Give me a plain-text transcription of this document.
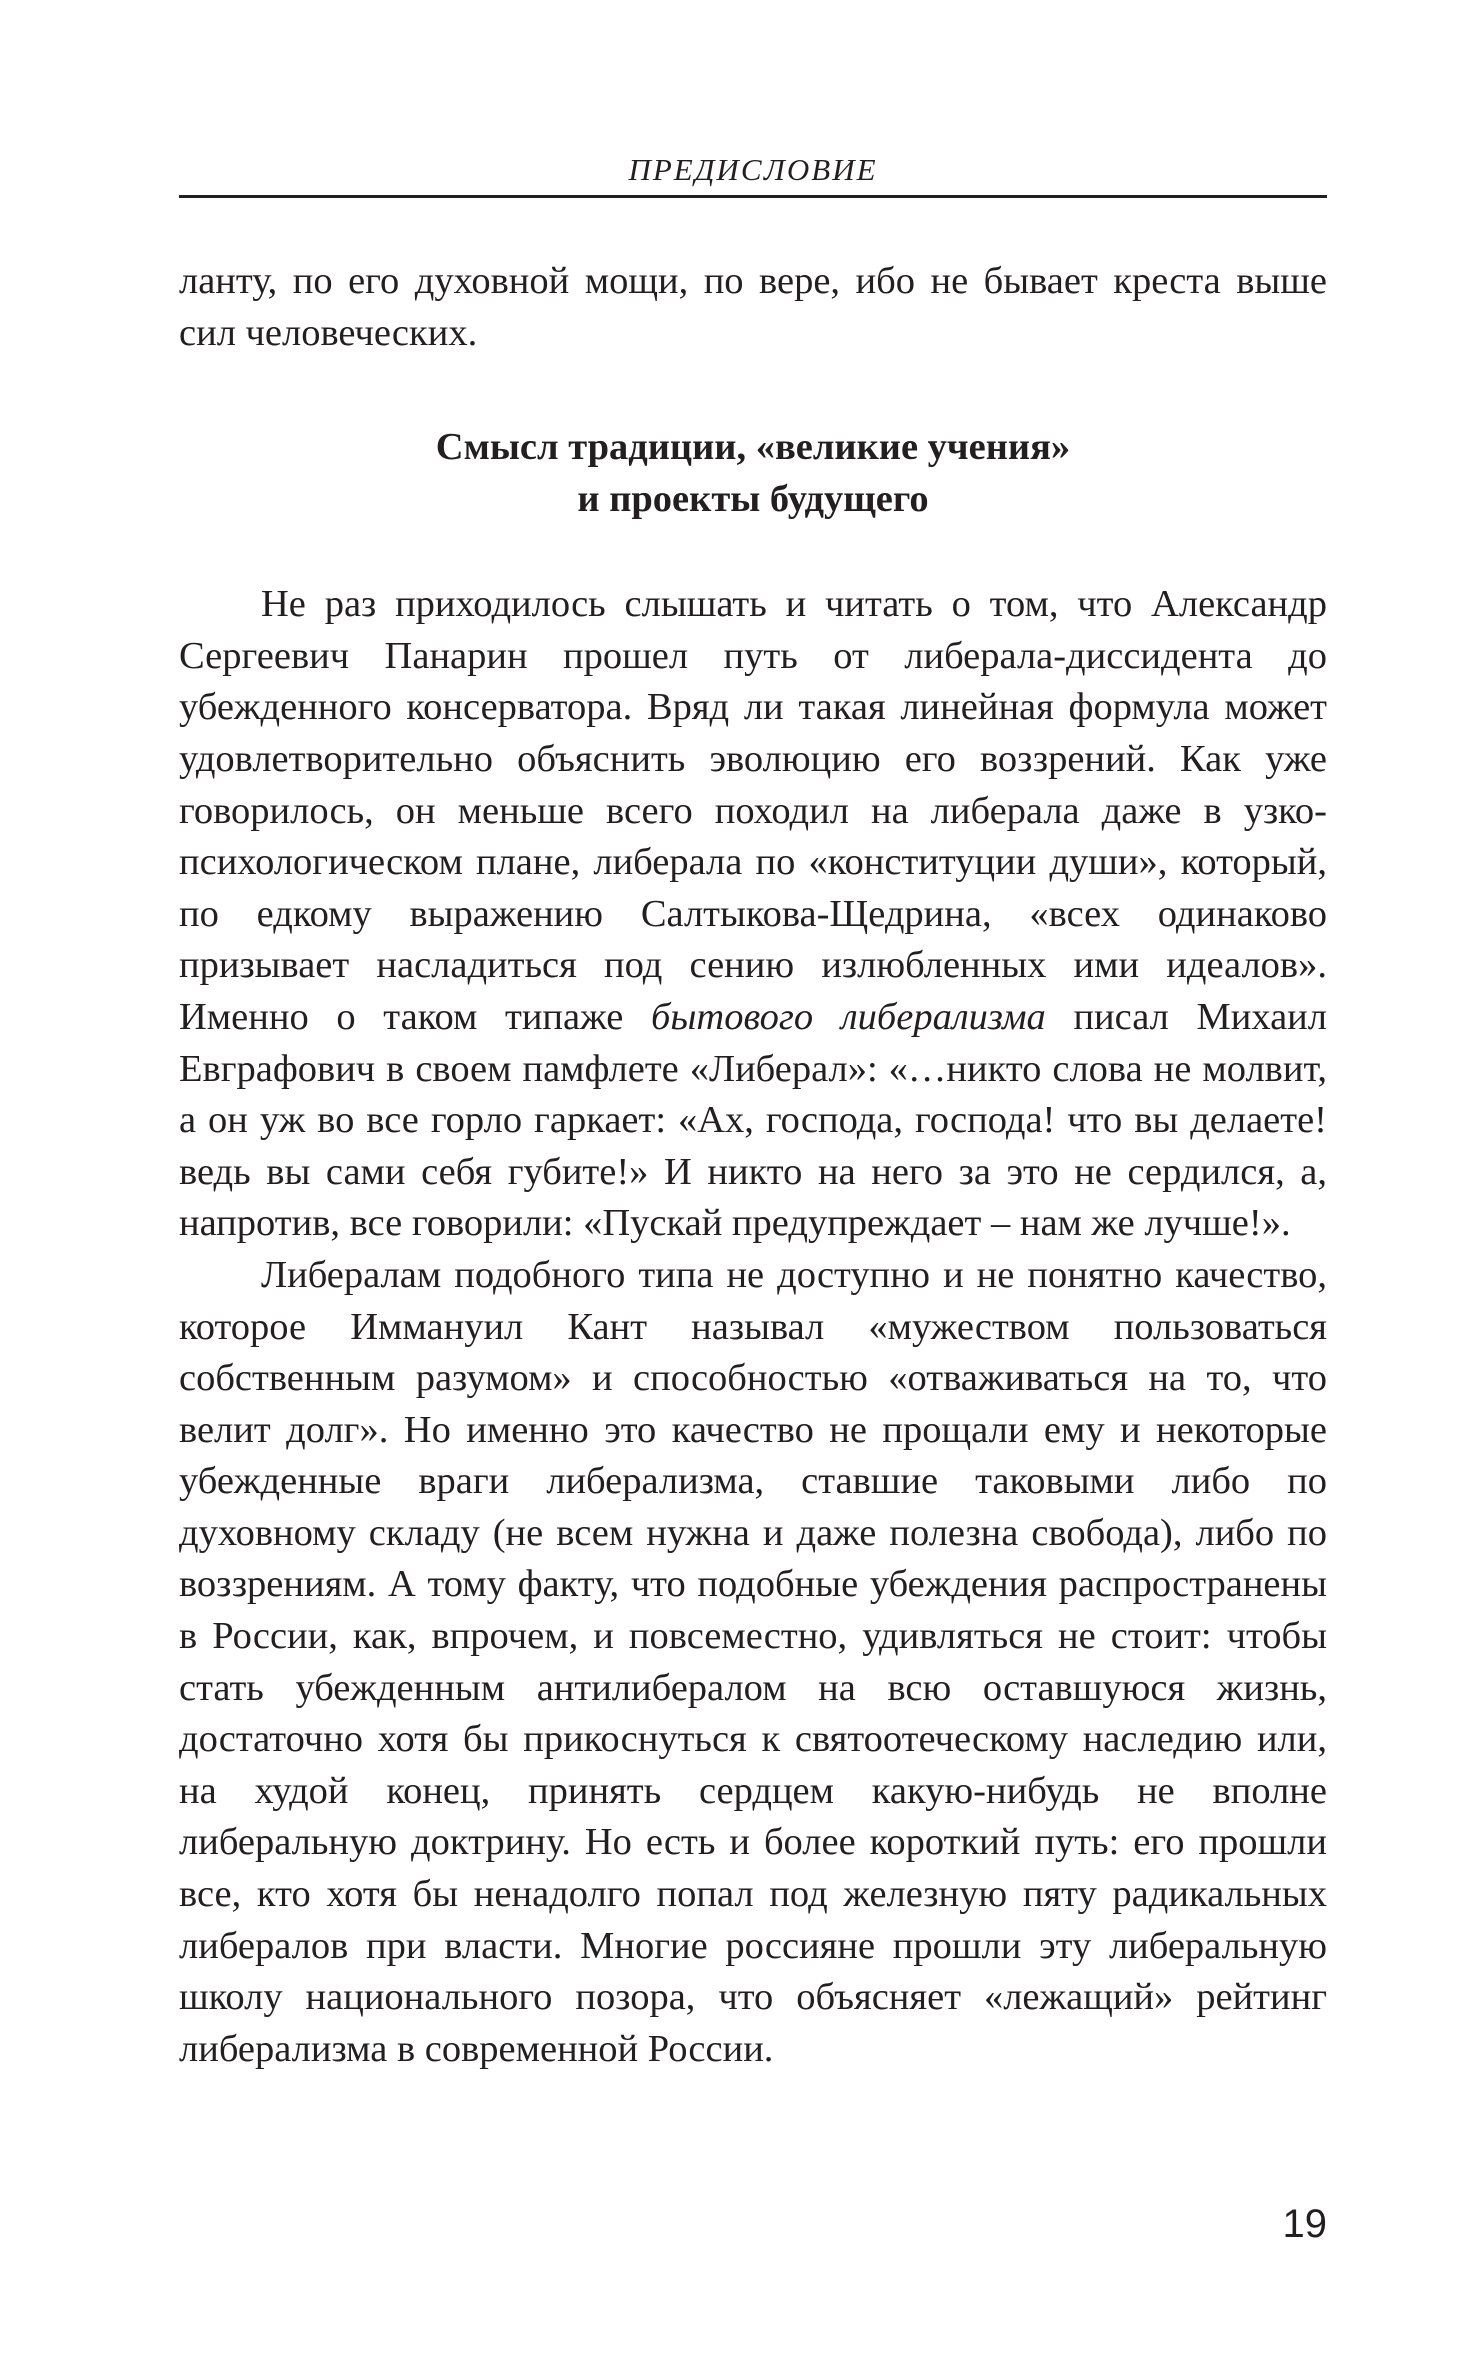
ПРЕДИСЛОВИЕ

ланту, по его духовной мощи, по вере, ибо не бывает креста выше сил человеческих.

Смысл традиции, «великие учения»
и проекты будущего

Не раз приходилось слышать и читать о том, что Александр Сергеевич Панарин прошел путь от либерала-диссидента до убежденного консерватора. Вряд ли такая линейная формула может удовлетворительно объяснить эволюцию его воззрений. Как уже говорилось, он меньше всего походил на либерала даже в узко-психологическом плане, либерала по «конституции души», который, по едкому выражению Салтыкова-Щедрина, «всех одинаково призывает насладиться под сению излюбленных ими идеалов». Именно о таком типаже бытового либерализма писал Михаил Евграфович в своем памфлете «Либерал»: «…никто слова не молвит, а он уж во все горло гаркает: «Ах, господа, господа! что вы делаете! ведь вы сами себя губите!» И никто на него за это не сердился, а, напротив, все говорили: «Пускай предупреждает – нам же лучше!».

Либералам подобного типа не доступно и не понятно качество, которое Иммануил Кант называл «мужеством пользоваться собственным разумом» и способностью «отваживаться на то, что велит долг». Но именно это качество не прощали ему и некоторые убежденные враги либерализма, ставшие таковыми либо по духовному складу (не всем нужна и даже полезна свобода), либо по воззрениям. А тому факту, что подобные убеждения распространены в России, как, впрочем, и повсеместно, удивляться не стоит: чтобы стать убежденным антилибералом на всю оставшуюся жизнь, достаточно хотя бы прикоснуться к святоотеческому наследию или, на худой конец, принять сердцем какую-нибудь не вполне либеральную доктрину. Но есть и более короткий путь: его прошли все, кто хотя бы ненадолго попал под железную пяту радикальных либералов при власти. Многие россияне прошли эту либеральную школу национального позора, что объясняет «лежащий» рейтинг либерализма в современной России.

19
